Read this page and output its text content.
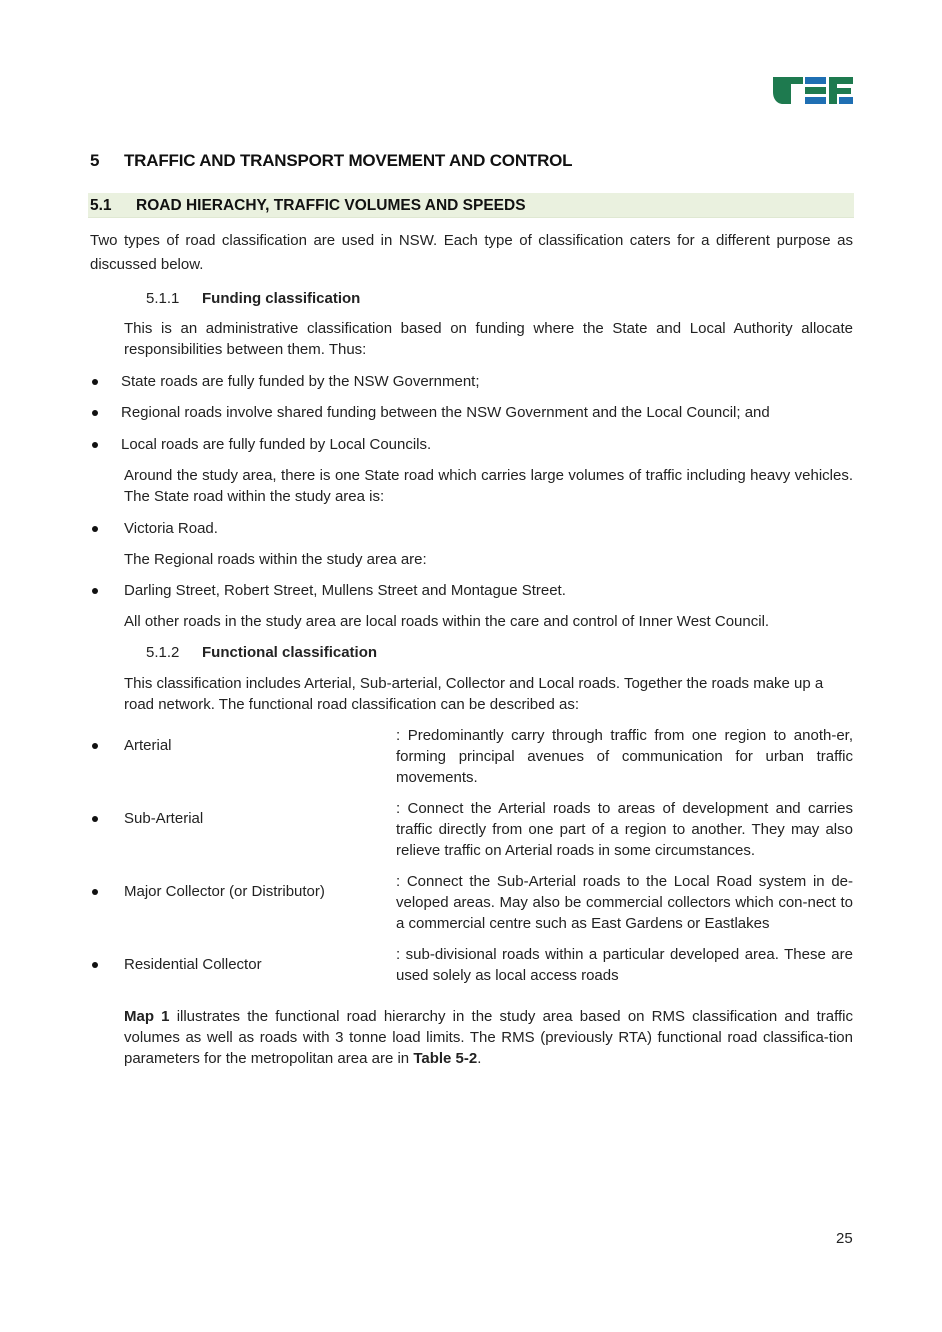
5 TRAFFIC AND TRANSPORT MOVEMENT AND CONTROL
5.1 ROAD HIERACHY, TRAFFIC VOLUMES AND SPEEDS
Two types of road classification are used in NSW. Each type of classification caters for a different purpose as discussed below.
5.1.1 Funding classification
This is an administrative classification based on funding where the State and Local Authority allocate responsibilities between them. Thus:
State roads are fully funded by the NSW Government;
Regional roads involve shared funding between the NSW Government and the Local Council; and
Local roads are fully funded by Local Councils.
Around the study area, there is one State road which carries large volumes of traffic including heavy vehicles. The State road within the study area is:
Victoria Road.
The Regional roads within the study area are:
Darling Street, Robert Street, Mullens Street and Montague Street.
All other roads in the study area are local roads within the care and control of Inner West Council.
5.1.2 Functional classification
This classification includes Arterial, Sub-arterial, Collector and Local roads. Together the roads make up a road network. The functional road classification can be described as:
Arterial
: Predominantly carry through traffic from one region to anoth-er, forming principal avenues of communication for urban traffic movements.
Sub-Arterial
: Connect the Arterial roads to areas of development and carries traffic directly from one part of a region to another. They may also relieve traffic on Arterial roads in some circumstances.
Major Collector (or Distributor)
: Connect the Sub-Arterial roads to the Local Road system in de-veloped areas. May also be commercial collectors which con-nect to a commercial centre such as East Gardens or Eastlakes
Residential Collector
: sub-divisional roads within a particular developed area. These are used solely as local access roads
Map 1 illustrates the functional road hierarchy in the study area based on RMS classification and traffic volumes as well as roads with 3 tonne load limits. The RMS (previously RTA) functional road classifica-tion parameters for the metropolitan area are in Table 5-2.
25
